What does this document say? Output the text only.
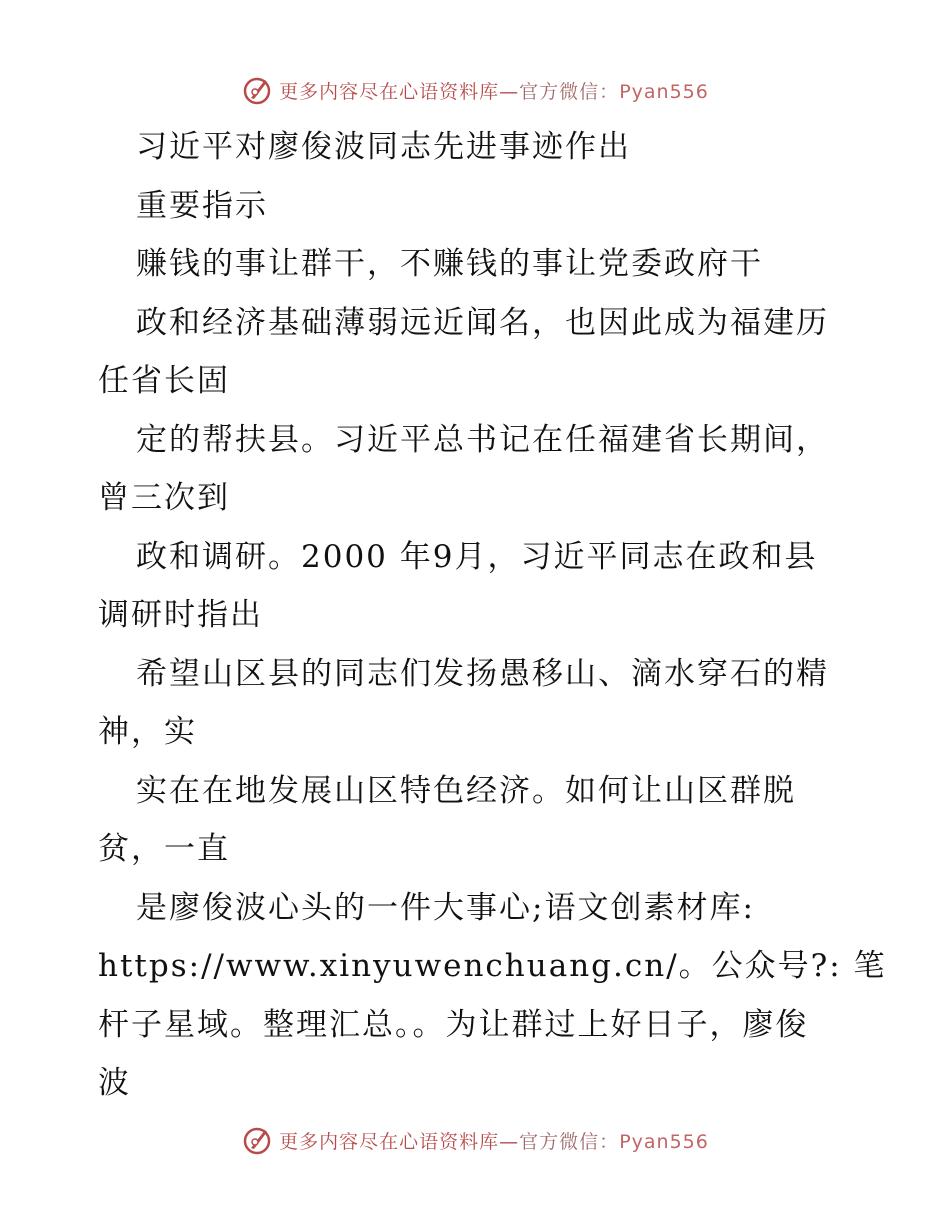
更多内容尽在心语资料库—官方微信：Pyan556
习近平对廖俊波同志先进事迹作出
重要指示
赚钱的事让群干，不赚钱的事让党委政府干
政和经济基础薄弱远近闻名，也因此成为福建历
任省长固
定的帮扶县。习近平总书记在任福建省长期间，
曾三次到
政和调研。2000 年9月，习近平同志在政和县
调研时指出
希望山区县的同志们发扬愚移山、滴水穿石的精
神，实
实在在地发展山区特色经济。如何让山区群脱
贫，一直
是廖俊波心头的一件大事心;语文创素材库:
https://www.xinyuwenchuang.cn/。公众号?: 笔
杆子星域。整理汇总。。为让群过上好日子，廖俊
波
更多内容尽在心语资料库—官方微信：Pyan556
